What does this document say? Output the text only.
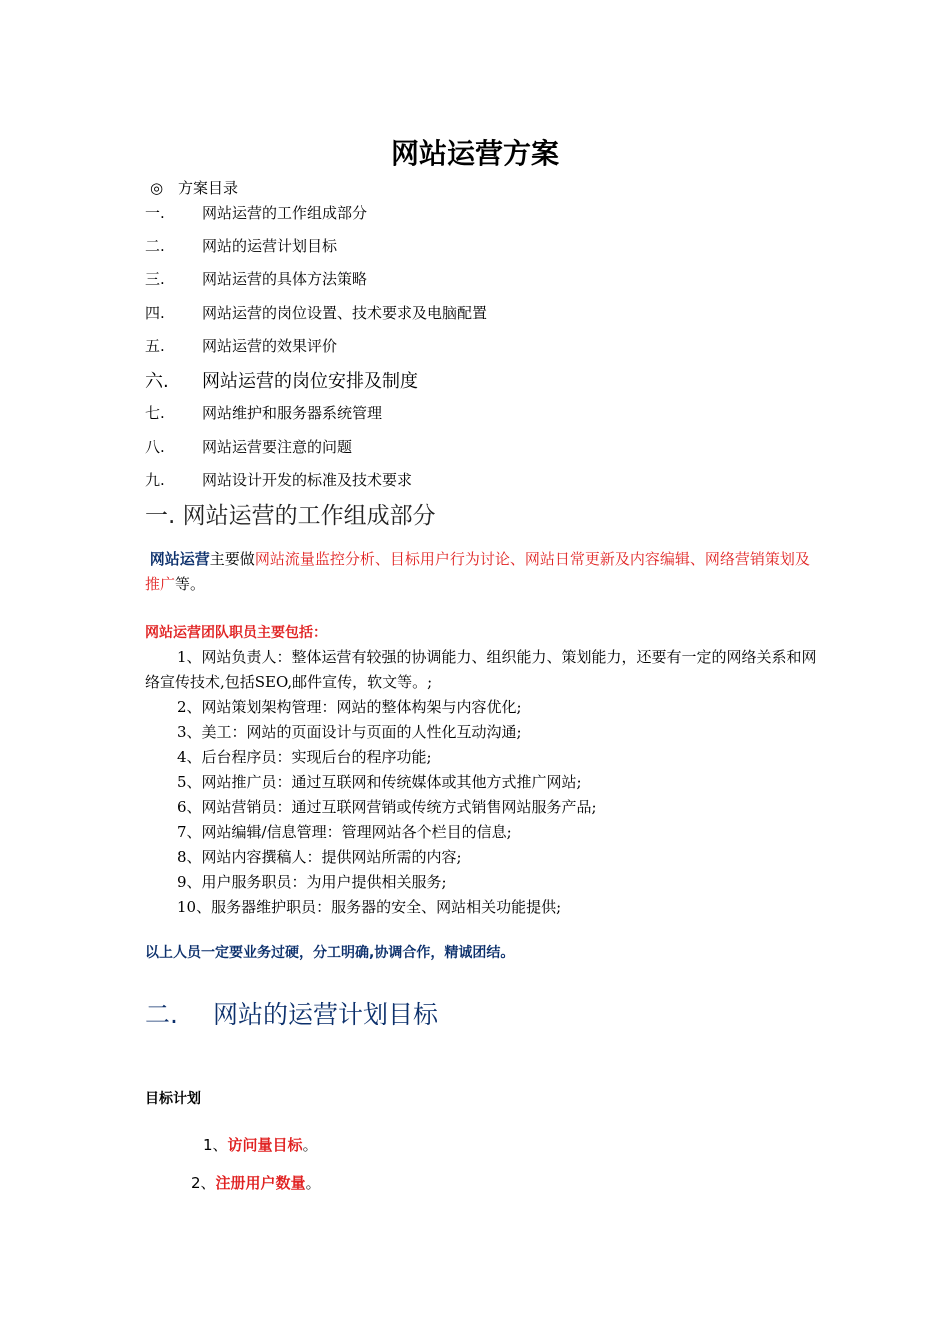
网站运营方案
◎ 方案目录
一. 网站运营的工作组成部分
二. 网站的运营计划目标
三. 网站运营的具体方法策略
四. 网站运营的岗位设置、技术要求及电脑配置
五. 网站运营的效果评价
六. 网站运营的岗位安排及制度
七. 网站维护和服务器系统管理
八. 网站运营要注意的问题
九. 网站设计开发的标准及技术要求
一. 网站运营的工作组成部分
网站运营主要做网站流量监控分析、目标用户行为讨论、网站日常更新及内容编辑、网络营销策划及推广等。
网站运营团队职员主要包括：
1、网站负责人：整体运营有较强的协调能力、组织能力、策划能力，还要有一定的网络关系和网络宣传技术,包括SEO,邮件宣传，软文等。;
2、网站策划架构管理：网站的整体构架与内容优化;
3、美工：网站的页面设计与页面的人性化互动沟通;
4、后台程序员：实现后台的程序功能;
5、网站推广员：通过互联网和传统媒体或其他方式推广网站;
6、网站营销员：通过互联网营销或传统方式销售网站服务产品;
7、网站编辑/信息管理：管理网站各个栏目的信息;
8、网站内容撰稿人：提供网站所需的内容;
9、用户服务职员：为用户提供相关服务;
10、服务器维护职员：服务器的安全、网站相关功能提供;
以上人员一定要业务过硬，分工明确,协调合作，精诚团结。
二. 网站的运营计划目标
目标计划
1、访问量目标。
2、注册用户数量。
